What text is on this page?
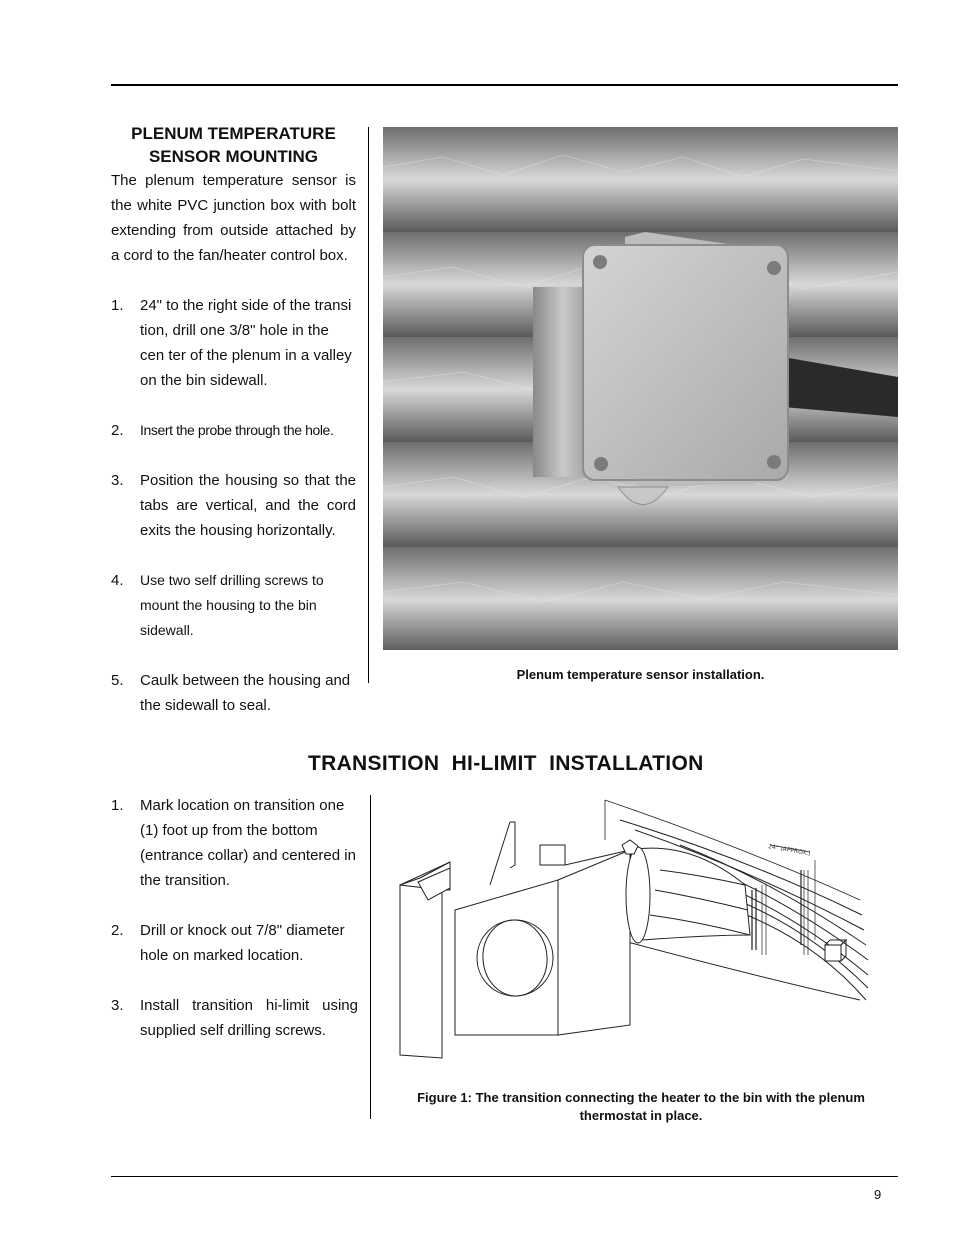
PLENUM TEMPERATURE
SENSOR MOUNTING

The plenum temperature sensor is the white PVC junction box with bolt extending from outside attached by a cord to the fan/heater control box.

1.	24" to the right side of the transi tion, drill one 3/8" hole in the cen ter of the plenum in a valley on the bin sidewall.
2.	Insert the probe through the hole.
3.	Position the housing so that the tabs are vertical, and the cord exits the housing horizontally.
4.	Use two self drilling screws to mount the housing to the bin sidewall.
5.	Caulk between the housing and the sidewall to seal.
Plenum temperature sensor installation.
TRANSITION  HI-LIMIT  INSTALLATION
1.	Mark location on transition one (1) foot up from the bottom (entrance collar) and centered in the transition.
2.	Drill or knock out 7/8" diameter hole on marked location.
3.	Install transition hi-limit using supplied self drilling screws.
24" (APPROX.)
Figure 1: The transition connecting the heater to the bin with the plenum
thermostat in place.
9
